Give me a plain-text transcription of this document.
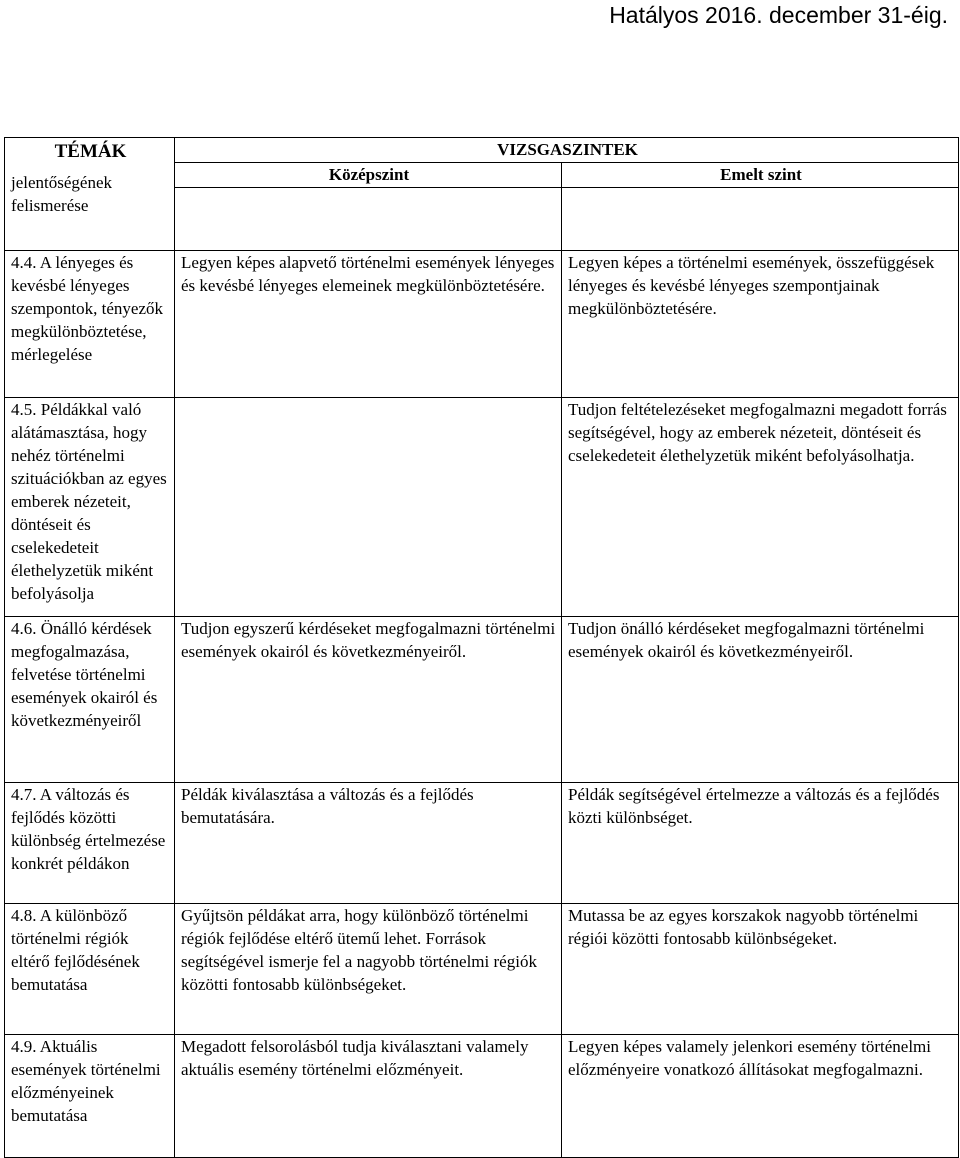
Hatályos 2016. december 31-éig.
TÉMÁK
jelentőségének felismerése	VIZSGASZINTEK	
	Középszint	Emelt szint

4.4. A lényeges és kevésbé lényeges szempontok, tényezők megkülönböztetése, mérlegelése	Legyen képes alapvető történelmi események lényeges és kevésbé lényeges elemeinek megkülönböztetésére.	Legyen képes a történelmi események, összefüggések lényeges és kevésbé lényeges szempontjainak megkülönböztetésére.
4.5. Példákkal való alátámasztása, hogy nehéz történelmi szituációkban az egyes emberek nézeteit, döntéseit és cselekedeteit élethelyzetük miként befolyásolja		Tudjon feltételezéseket megfogalmazni megadott forrás segítségével, hogy az emberek nézeteit, döntéseit és cselekedeteit élethelyzetük miként befolyásolhatja.
4.6. Önálló kérdések megfogalmazása, felvetése történelmi események okairól és következményeiről	Tudjon egyszerű kérdéseket megfogalmazni történelmi események okairól és következményeiről.	Tudjon önálló kérdéseket megfogalmazni történelmi események okairól és következményeiről.
4.7. A változás és fejlődés közötti különbség értelmezése konkrét példákon	Példák kiválasztása a változás és a fejlődés bemutatására.	Példák segítségével értelmezze a változás és a fejlődés közti különbséget.
4.8. A különböző történelmi régiók eltérő fejlődésének bemutatása	Gyűjtsön példákat arra, hogy különböző történelmi régiók fejlődése eltérő ütemű lehet. Források segítségével ismerje fel a nagyobb történelmi régiók közötti fontosabb különbségeket.	Mutassa be az egyes korszakok nagyobb történelmi régiói közötti fontosabb különbségeket.
4.9. Aktuális események történelmi előzményeinek bemutatása	Megadott felsorolásból tudja kiválasztani valamely aktuális esemény történelmi előzményeit.	Legyen képes valamely jelenkori esemény történelmi előzményeire vonatkozó állításokat megfogalmazni.
